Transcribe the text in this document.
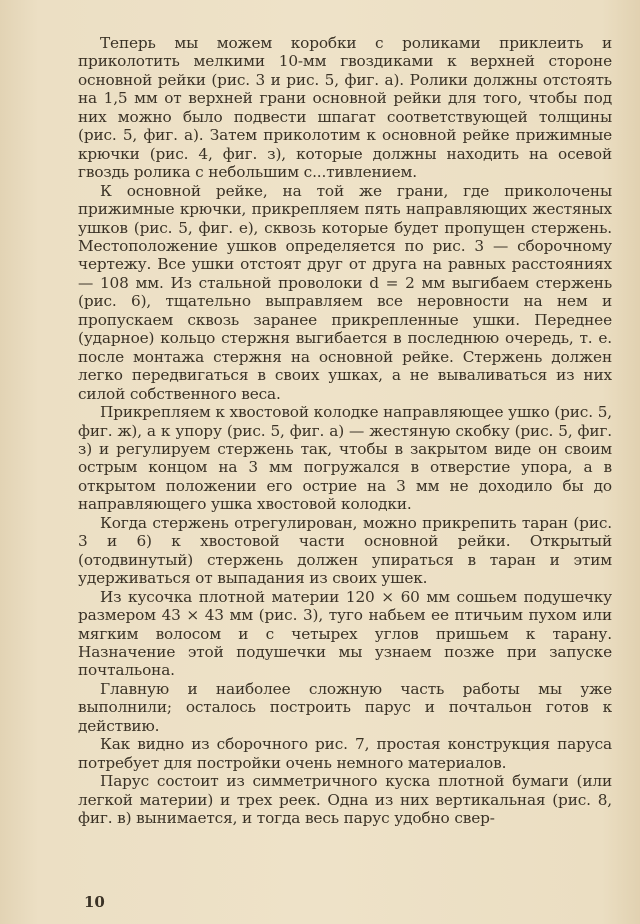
Теперь мы можем коробки с роликами приклеить и приколотить мелкими 10-мм гвоздиками к верхней стороне основной рейки (рис. 3 и рис. 5, фиг. а). Ролики должны отстоять на 1,5 мм от верхней грани основной рейки для того, чтобы под них можно было подвести шпагат соответствующей толщины (рис. 5, фиг. а). Затем приколотим к основной рейке прижимные крючки (рис. 4, фиг. з), которые должны находить на осевой гвоздь ролика с небольшим с...тивлением.

К основной рейке, на той же грани, где приколочены прижимные крючки, прикрепляем пять направляющих жестяных ушков (рис. 5, фиг. е), сквозь которые будет пропущен стержень. Местоположение ушков определяется по рис. 3 — сборочному чертежу. Все ушки отстоят друг от друга на равных расстояниях — 108 мм. Из стальной проволоки d = 2 мм выгибаем стержень (рис. 6), тщательно выправляем все неровности на нем и пропускаем сквозь заранее прикрепленные ушки. Переднее (ударное) кольцо стержня выгибается в последнюю очередь, т. е. после монтажа стержня на основной рейке. Стержень должен легко передвигаться в своих ушках, а не вываливаться из них силой собственного веса.

Прикрепляем к хвостовой колодке направляющее ушко (рис. 5, фиг. ж), а к упору (рис. 5, фиг. а) — жестяную скобку (рис. 5, фиг. з) и регулируем стержень так, чтобы в закрытом виде он своим острым концом на 3 мм погружался в отверстие упора, а в открытом положении его острие на 3 мм не доходило бы до направляющего ушка хвостовой колодки.

Когда стержень отрегулирован, можно прикрепить таран (рис. 3 и 6) к хвостовой части основной рейки. Открытый (отодвинутый) стержень должен упираться в таран и этим удерживаться от выпадания из своих ушек.

Из кусочка плотной материи 120 × 60 мм сошьем подушечку размером 43 × 43 мм (рис. 3), туго набьем ее птичьим пухом или мягким волосом и с четырех углов пришьем к тарану. Назначение этой подушечки мы узнаем позже при запуске почтальона.

Главную и наиболее сложную часть работы мы уже выполнили; осталось построить парус и почтальон готов к действию.

Как видно из сборочного рис. 7, простая конструкция паруса потребует для постройки очень немного материалов.

Парус состоит из симметричного куска плотной бумаги (или легкой материи) и трех реек. Одна из них вертикальная (рис. 8, фиг. в) вынимается, и тогда весь парус удобно свер-

10
